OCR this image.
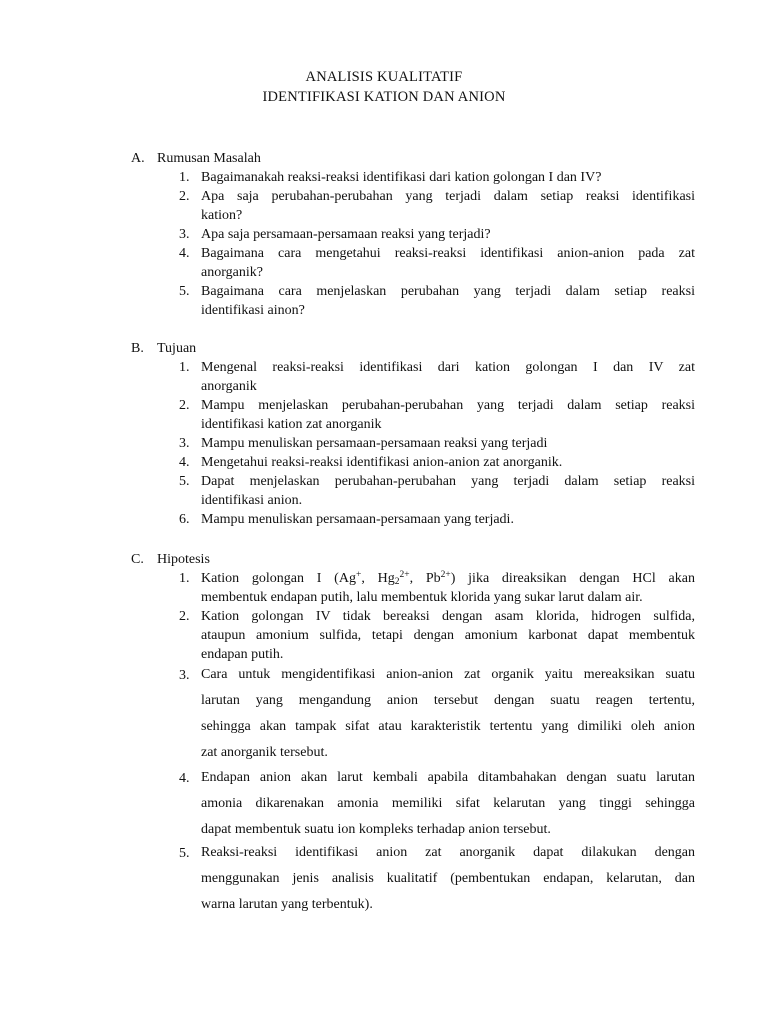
ANALISIS KUALITATIF
IDENTIFIKASI KATION DAN ANION
A. Rumusan Masalah
1. Bagaimanakah reaksi-reaksi identifikasi dari kation golongan I dan IV?
2. Apa saja perubahan-perubahan yang terjadi dalam setiap reaksi identifikasi
kation?
3. Apa saja persamaan-persamaan reaksi yang terjadi?
4. Bagaimana cara mengetahui reaksi-reaksi identifikasi anion-anion pada zat
anorganik?
5. Bagaimana cara menjelaskan perubahan yang terjadi dalam setiap reaksi
identifikasi ainon?
B. Tujuan
1. Mengenal reaksi-reaksi identifikasi dari kation golongan I dan IV zat
anorganik
2. Mampu menjelaskan perubahan-perubahan yang terjadi dalam setiap reaksi
identifikasi kation zat anorganik
3. Mampu menuliskan persamaan-persamaan reaksi yang terjadi
4. Mengetahui reaksi-reaksi identifikasi anion-anion zat anorganik.
5. Dapat menjelaskan perubahan-perubahan yang terjadi dalam setiap reaksi
identifikasi anion.
6. Mampu menuliskan persamaan-persamaan yang terjadi.
C. Hipotesis
1. Kation golongan I (Ag+, $Hg_2^{2+}$, $Pb^{2+}$) jika direaksikan dengan HCl akan
membentuk endapan putih, lalu membentuk klorida yang sukar larut dalam air.
2. Kation golongan IV tidak bereaksi dengan asam klorida, hidrogen sulfida,
ataupun amonium sulfida, tetapi dengan amonium karbonat dapat membentuk
endapan putih.
3. Cara untuk mengidentifikasi anion-anion zat organik yaitu mereaksikan suatu
larutan yang mengandung anion tersebut dengan suatu reagen tertentu,
sehingga akan tampak sifat atau karakteristik tertentu yang dimiliki oleh anion
zat anorganik tersebut.
4. Endapan anion akan larut kembali apabila ditambahakan dengan suatu larutan
amonia dikarenakan amonia memiliki sifat kelarutan yang tinggi sehingga
dapat membentuk suatu ion kompleks terhadap anion tersebut.
5. Reaksi-reaksi identifikasi anion zat anorganik dapat dilakukan dengan
menggunakan jenis analisis kualitatif (pembentukan endapan, kelarutan, dan
warna larutan yang terbentuk).
